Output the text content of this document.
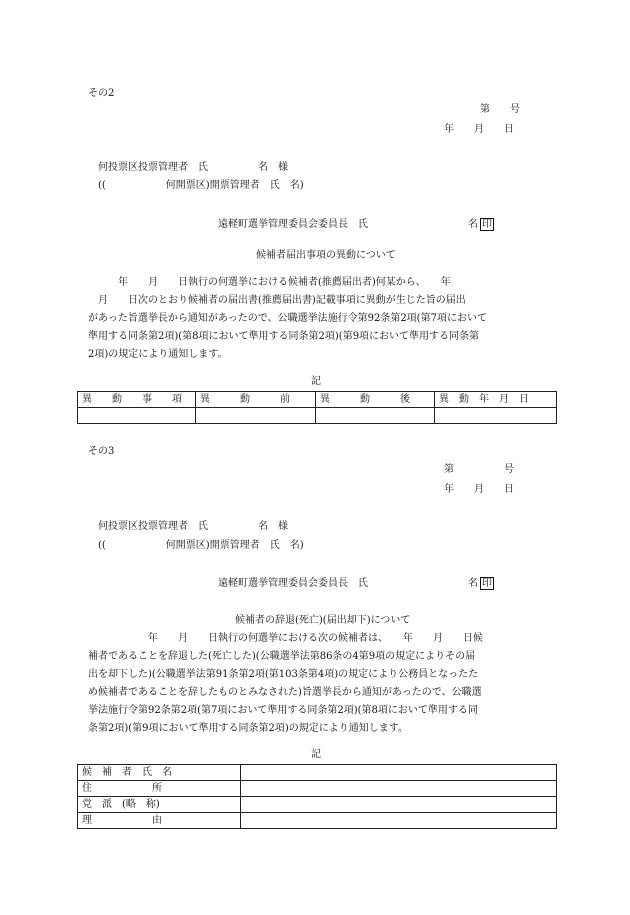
その2
第　　号
年　　月　　日
何投票区投票管理者　氏　　　　　名　様
((　　　　　　何開票区)開票管理者　氏　名)
遠軽町選挙管理委員会委員長　氏　　　　　　　　　　名 印
候補者届出事項の異動について
　　　年　　月　　日執行の何選挙における候補者(推薦届出者)何某から、　　年
　月　　日次のとおり候補者の届出書(推薦届出書)記載事項に異動が生じた旨の届出
があった旨選挙長から通知があったので、公職選挙法施行令第92条第2項(第7項において
準用する同条第2項)(第8項において準用する同条第2項)(第9項において準用する同条第
2項)の規定により通知します。
記
異　　動　　事　　項	異　　　動　　　前	異　　　動　　　後	異　動　年　月　日

その3
第　　　　　号
年　　月　　日
何投票区投票管理者　氏　　　　　名　様
((　　　　　　何開票区)開票管理者　氏　名)
遠軽町選挙管理委員会委員長　氏　　　　　　　　　　名 印
候補者の辞退(死亡)(届出却下)について
　　　　　　年　　月　　日執行の何選挙における次の候補者は、　　年　　月　　日候
補者であることを辞退した(死亡した)(公職選挙法第86条の4第9項の規定によりその届
出を却下した)(公職選挙法第91条第2項(第103条第4項)の規定により公務員となったた
め候補者であることを辞したものとみなされた)旨選挙長から通知があったので、公職選
挙法施行令第92条第2項(第7項において準用する同条第2項)(第8項において準用する同
条第2項)(第9項において準用する同条第2項)の規定により通知します。
記
候　補　者　氏　名	
住　　　　　　所	
党　派　(略　称)	
理　　　　　　由	
